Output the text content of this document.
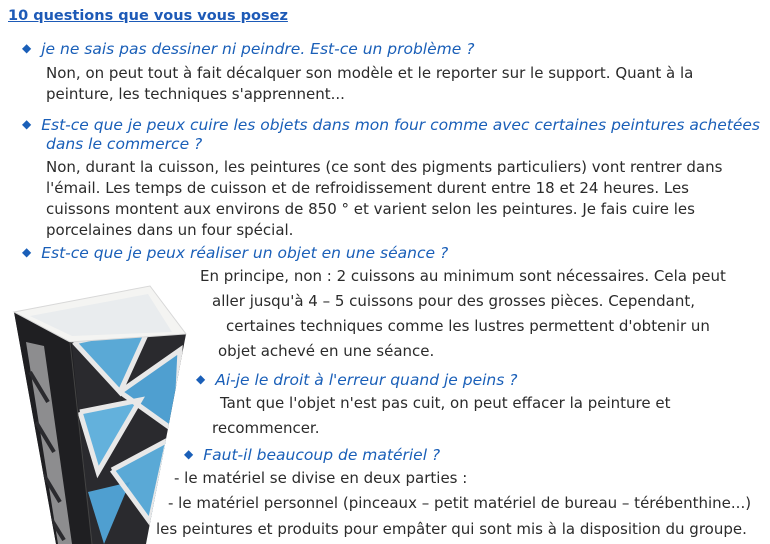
10 questions que vous vous posez
◆ je ne sais pas dessiner ni peindre. Est-ce un problème ?
Non, on peut tout à fait décalquer son modèle et le reporter sur le support. Quant à la peinture, les techniques s'apprennent...
◆ Est-ce que je peux cuire les objets dans mon four comme avec certaines peintures achetées
dans le commerce ?
Non, durant la cuisson, les peintures (ce sont des pigments particuliers) vont rentrer dans l'émail. Les temps de cuisson et de refroidissement durent entre 18 et 24 heures. Les cuissons montent aux environs de 850 ° et varient selon les peintures. Je fais cuire les porcelaines dans un four spécial.
◆ Est-ce que je peux réaliser un objet en une séance ?
En principe, non : 2 cuissons au minimum sont nécessaires. Cela peut
aller jusqu'à 4 – 5 cuissons pour des grosses pièces. Cependant,
certaines techniques comme les lustres permettent d'obtenir un
objet achevé en une séance.
◆ Ai-je le droit à l'erreur quand je peins ?
Tant que l'objet n'est pas cuit, on peut effacer la peinture et
recommencer.
◆ Faut-il beaucoup de matériel ?
- le matériel se divise en deux parties :
- le matériel personnel (pinceaux – petit matériel de bureau – térébenthine...)
les peintures et produits pour empâter qui sont mis à la disposition du groupe.
